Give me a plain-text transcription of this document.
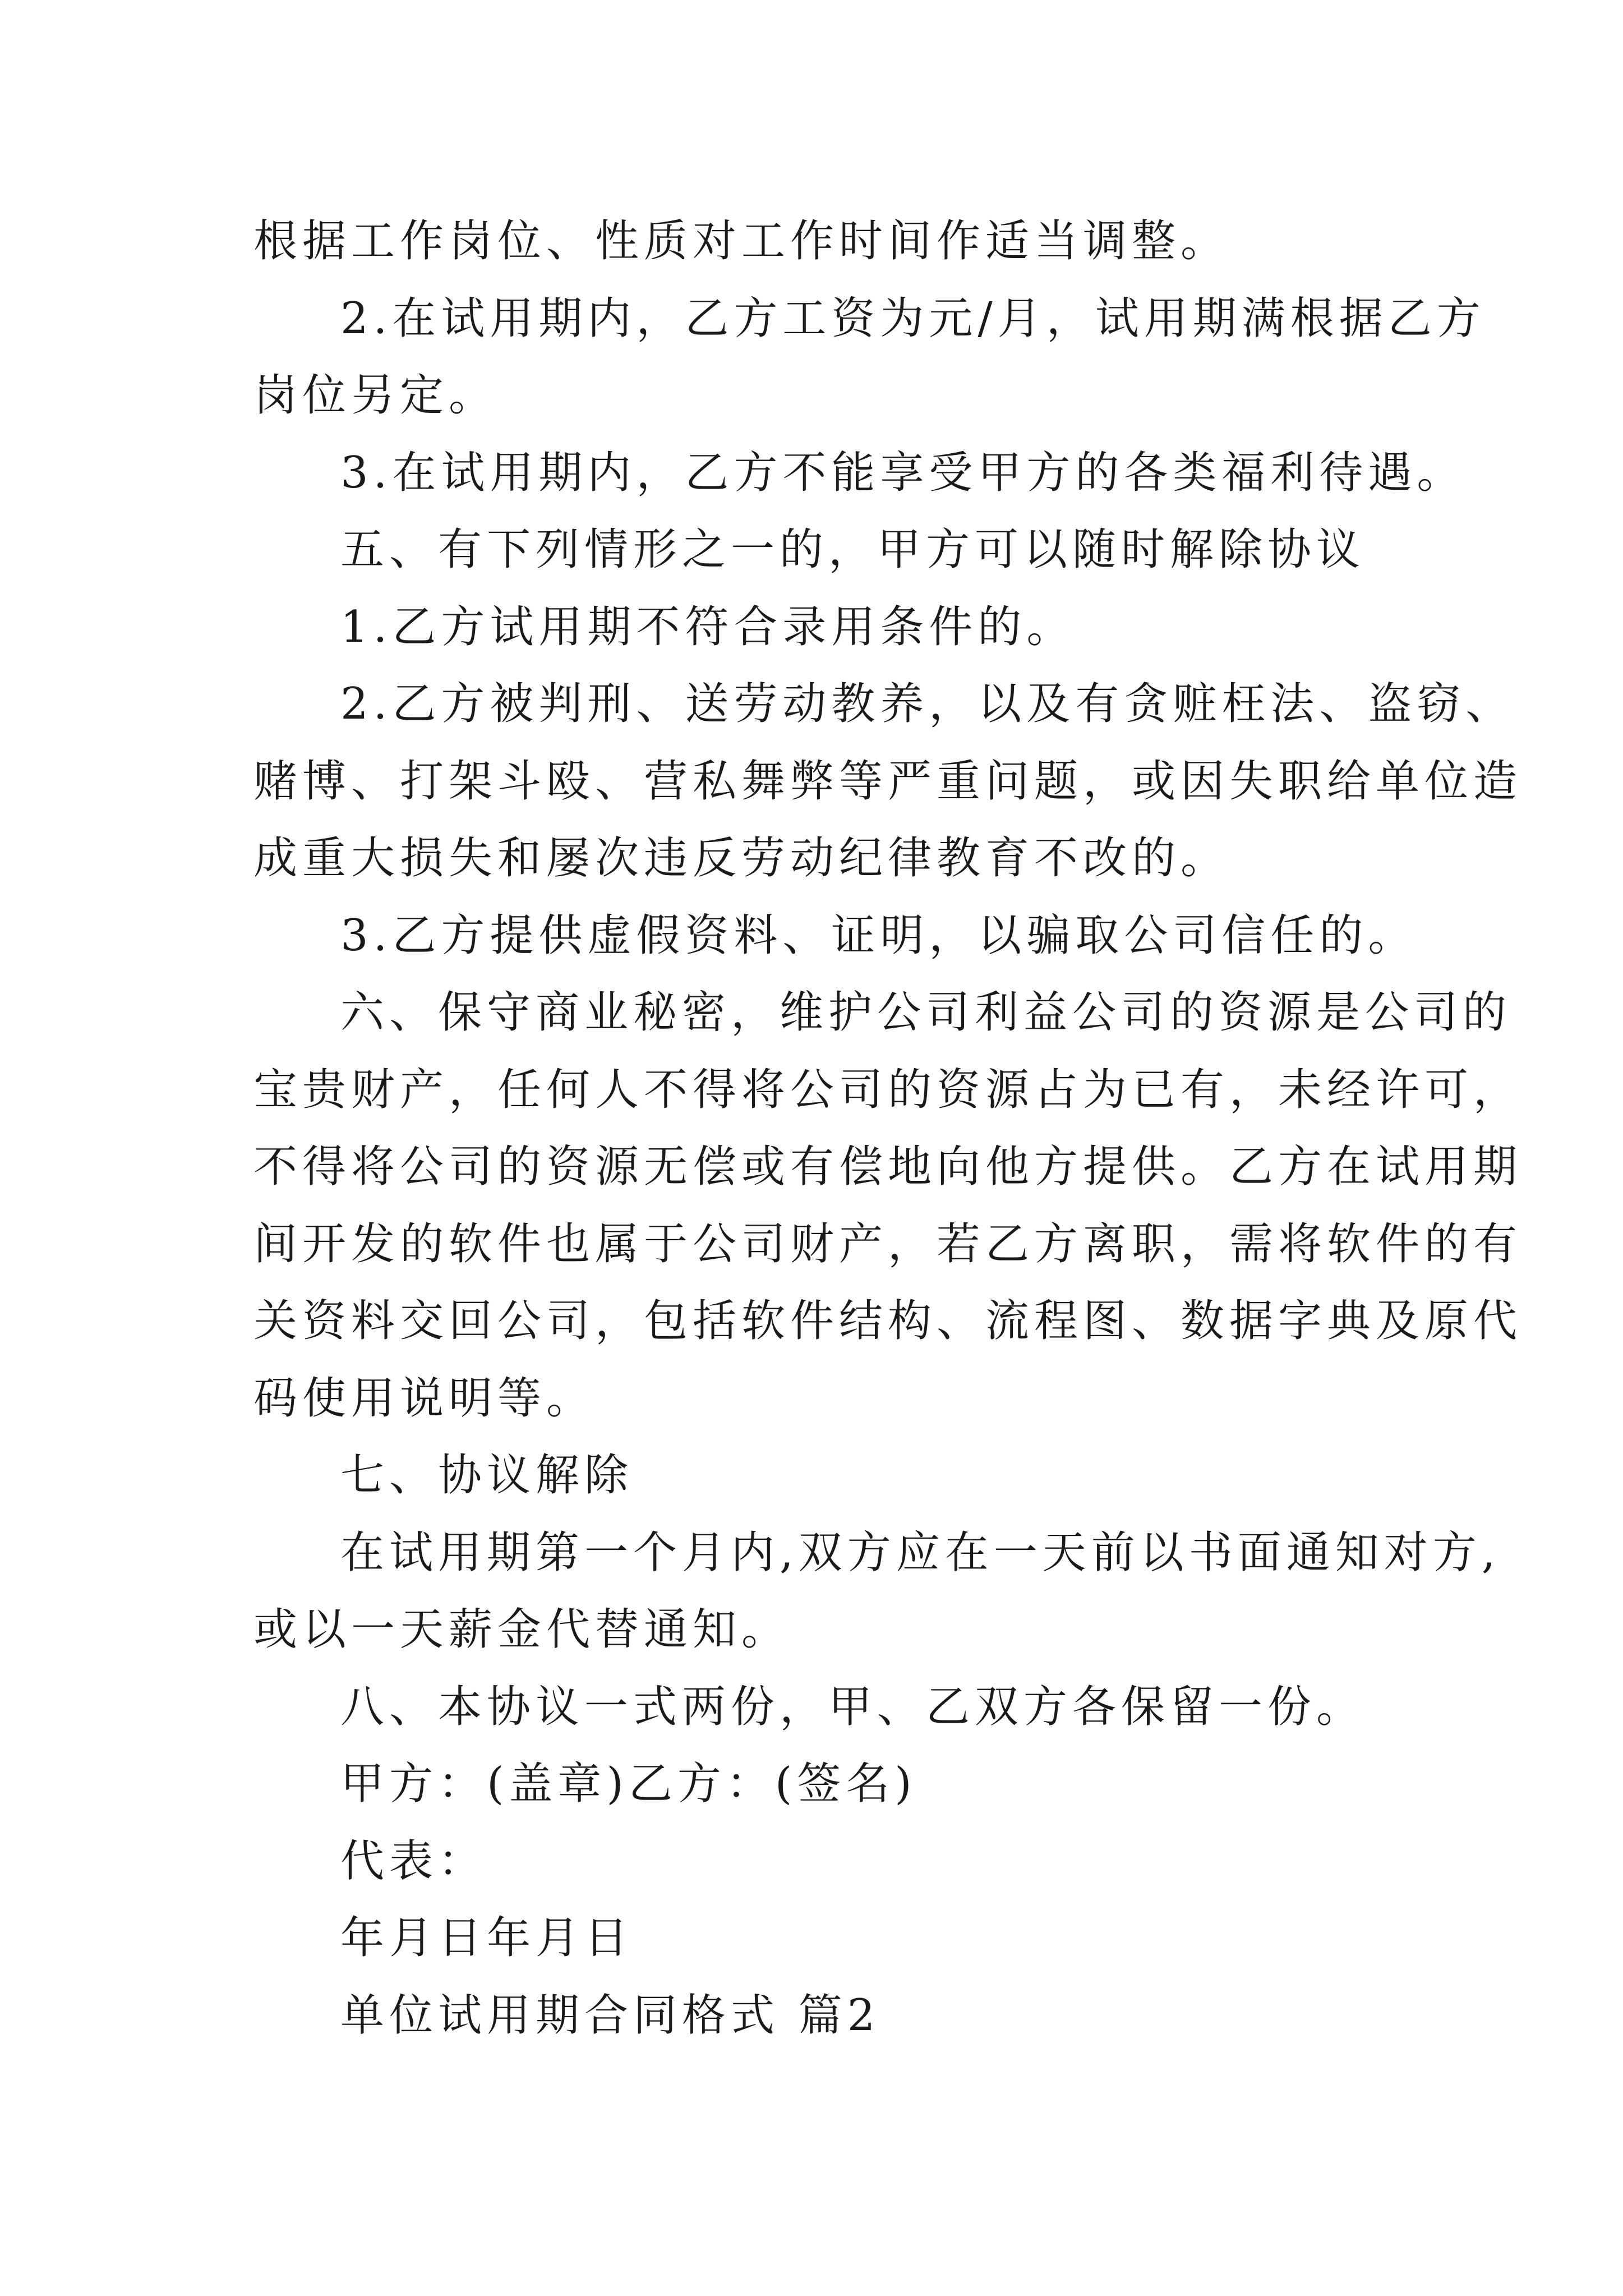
根据工作岗位、性质对工作时间作适当调整。
2.在试用期内，乙方工资为元/月，试用期满根据乙方
岗位另定。
3.在试用期内，乙方不能享受甲方的各类福利待遇。
五、有下列情形之一的，甲方可以随时解除协议
1.乙方试用期不符合录用条件的。
2.乙方被判刑、送劳动教养，以及有贪赃枉法、盗窃、
赌博、打架斗殴、营私舞弊等严重问题，或因失职给单位造
成重大损失和屡次违反劳动纪律教育不改的。
3.乙方提供虚假资料、证明，以骗取公司信任的。
六、保守商业秘密，维护公司利益公司的资源是公司的
宝贵财产，任何人不得将公司的资源占为已有，未经许可，
不得将公司的资源无偿或有偿地向他方提供。乙方在试用期
间开发的软件也属于公司财产，若乙方离职，需将软件的有
关资料交回公司，包括软件结构、流程图、数据字典及原代
码使用说明等。
七、协议解除
在试用期第一个月内,双方应在一天前以书面通知对方,
或以一天薪金代替通知。
八、本协议一式两份，甲、乙双方各保留一份。
甲方：(盖章)乙方：(签名)
代表：
年月日年月日
单位试用期合同格式 篇2
